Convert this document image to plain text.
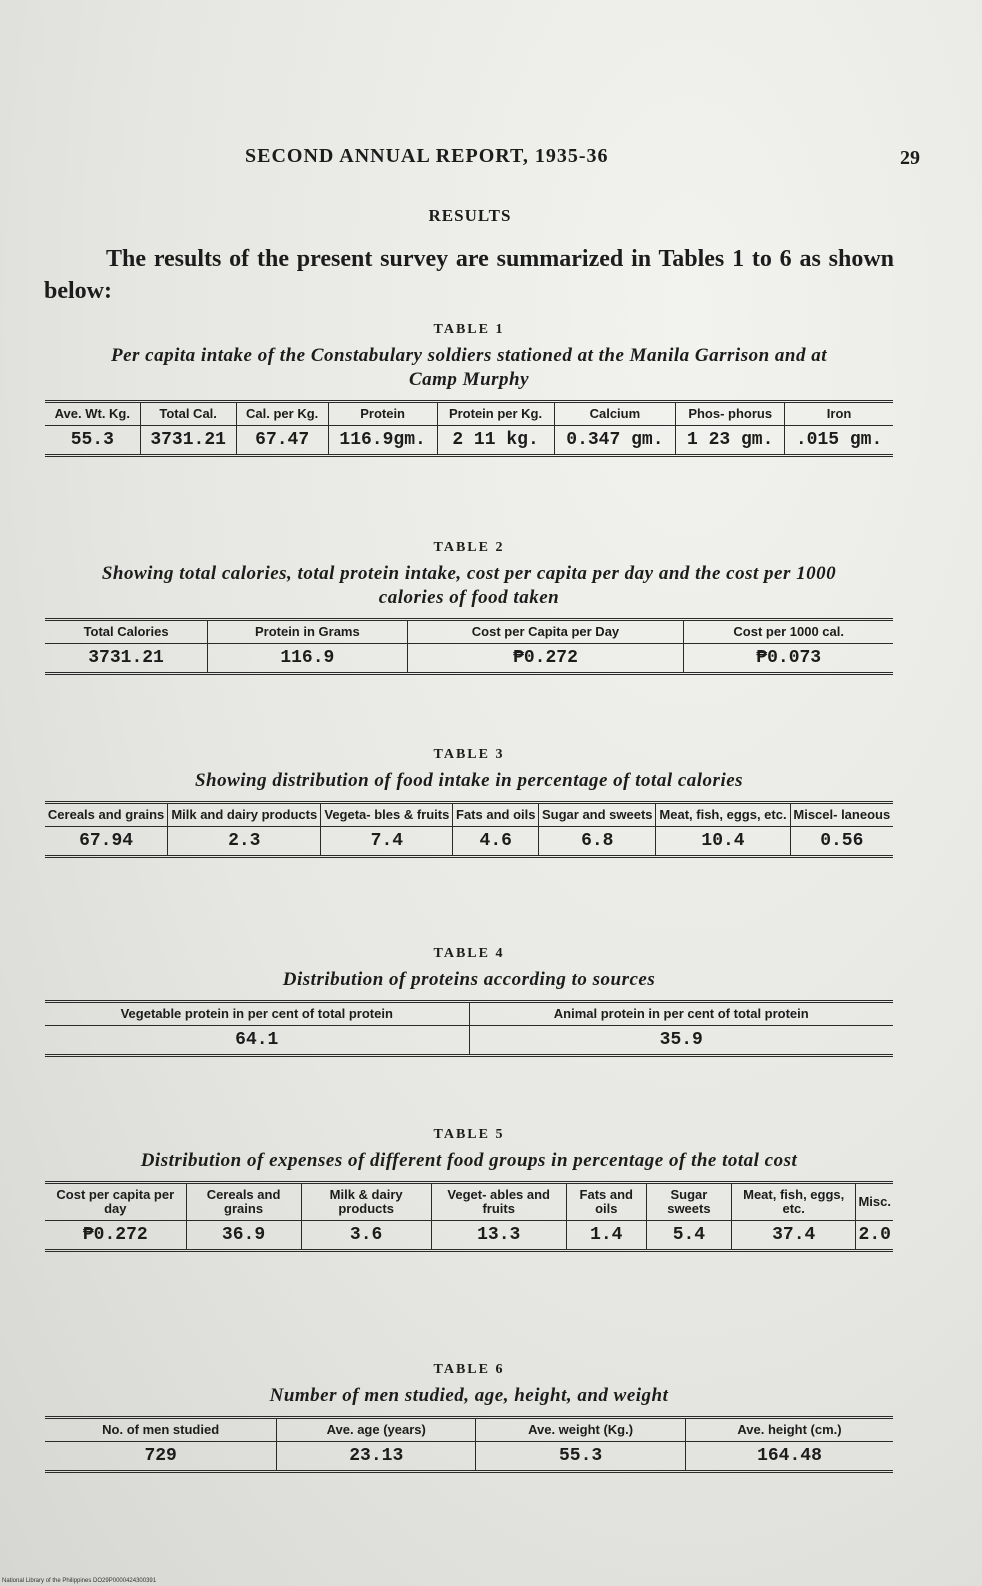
SECOND ANNUAL REPORT, 1935-36	29
RESULTS
The results of the present survey are summarized in Tables 1 to 6 as shown below:
TABLE 1
Per capita intake of the Constabulary soldiers stationed at the Manila Garrison and at Camp Murphy
Ave. Wt. Kg.	Total Cal.	Cal. per Kg.	Protein	Protein per Kg.	Calcium	Phos- phorus	Iron
55.3	3731.21	67.47	116.9gm.	2 11 kg.	0.347 gm.	1 23 gm.	.015 gm.
TABLE 2
Showing total calories, total protein intake, cost per capita per day and the cost per 1000 calories of food taken
Total Calories	Protein in Grams	Cost per Capita per Day	Cost per 1000 cal.
3731.21	116.9	₱0.272	₱0.073
TABLE 3
Showing distribution of food intake in percentage of total calories
Cereals and grains	Milk and dairy products	Vegeta- bles & fruits	Fats and oils	Sugar and sweets	Meat, fish, eggs, etc.	Miscel- laneous
67.94	2.3	7.4	4.6	6.8	10.4	0.56
TABLE 4
Distribution of proteins according to sources
Vegetable protein in per cent of total protein	Animal protein in per cent of total protein
64.1	35.9
TABLE 5
Distribution of expenses of different food groups in percentage of the total cost
Cost per capita per day	Cereals and grains	Milk & dairy products	Veget- ables and fruits	Fats and oils	Sugar sweets	Meat, fish, eggs, etc.	Misc.
₱0.272	36.9	3.6	13.3	1.4	5.4	37.4	2.0
TABLE 6
Number of men studied, age, height, and weight
No. of men studied	Ave. age (years)	Ave. weight (Kg.)	Ave. height (cm.)
729	23.13	55.3	164.48
National Library of the Philippines DO29P0000424300391
